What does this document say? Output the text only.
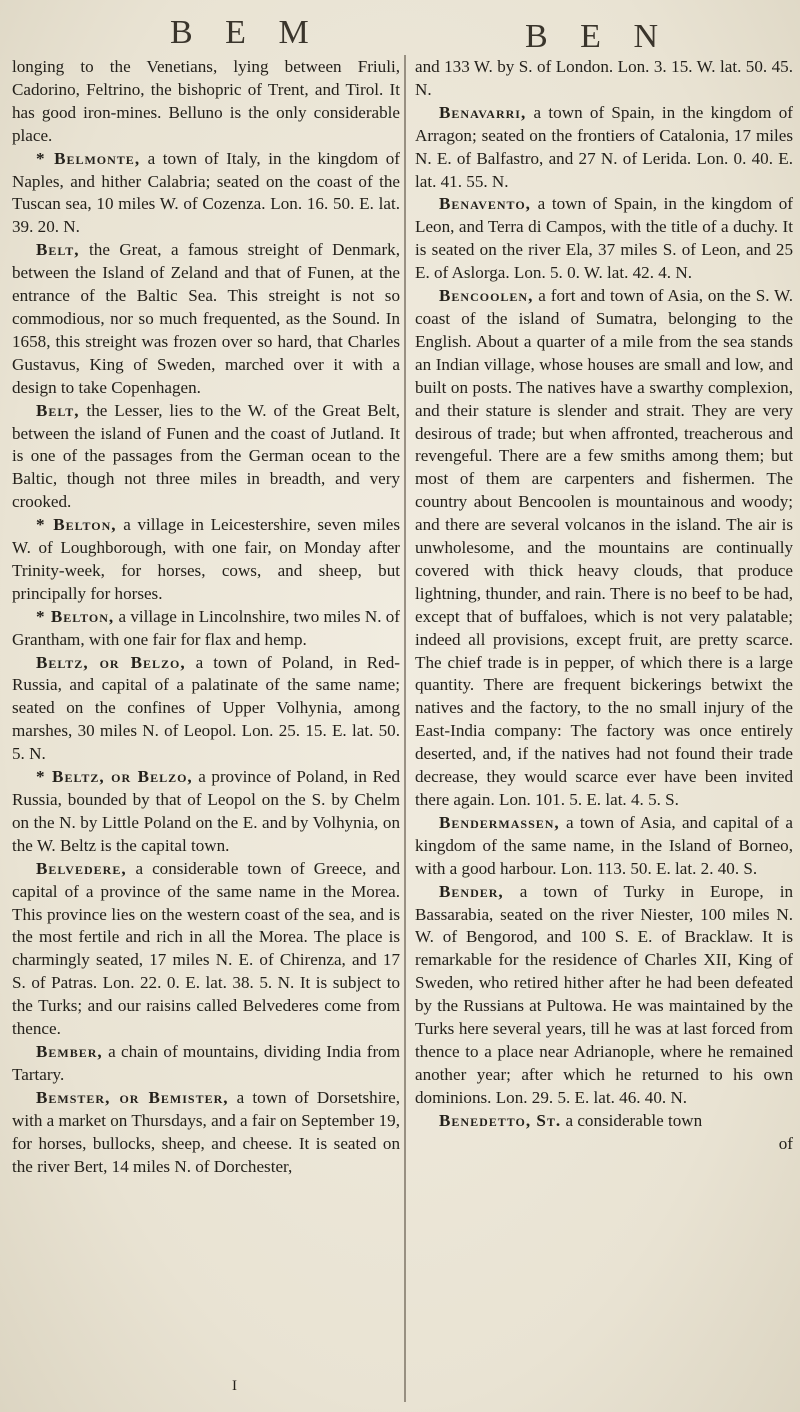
B E M	B E N

longing to the Venetians, lying between Friuli, Cadorino, Feltrino, the bishopric of Trent, and Tirol. It has good iron-mines. Belluno is the only considerable place.

* Belmonte, a town of Italy, in the kingdom of Naples, and hither Calabria; seated on the coast of the Tuscan sea, 10 miles W. of Cozenza. Lon. 16. 50. E. lat. 39. 20. N.

Belt, the Great, a famous streight of Denmark, between the Island of Zeland and that of Funen, at the entrance of the Baltic Sea. This streight is not so commodious, nor so much frequented, as the Sound. In 1658, this streight was frozen over so hard, that Charles Gustavus, King of Sweden, marched over it with a design to take Copenhagen.

Belt, the Lesser, lies to the W. of the Great Belt, between the island of Funen and the coast of Jutland. It is one of the passages from the German ocean to the Baltic, though not three miles in breadth, and very crooked.

* Belton, a village in Leicestershire, seven miles W. of Loughborough, with one fair, on Monday after Trinity-week, for horses, cows, and sheep, but principally for horses.

* Belton, a village in Lincolnshire, two miles N. of Grantham, with one fair for flax and hemp.

Beltz, or Belzo, a town of Poland, in Red-Russia, and capital of a palatinate of the same name; seated on the confines of Upper Volhynia, among marshes, 30 miles N. of Leopol. Lon. 25. 15. E. lat. 50. 5. N.

* Beltz, or Belzo, a province of Poland, in Red Russia, bounded by that of Leopol on the S. by Chelm on the N. by Little Poland on the E. and by Volhynia, on the W. Beltz is the capital town.

Belvedere, a considerable town of Greece, and capital of a province of the same name in the Morea. This province lies on the western coast of the sea, and is the most fertile and rich in all the Morea. The place is charmingly seated, 17 miles N. E. of Chirenza, and 17 S. of Patras. Lon. 22. 0. E. lat. 38. 5. N. It is subject to the Turks; and our raisins called Belvederes come from thence.

Bember, a chain of mountains, dividing India from Tartary.

Bemster, or Bemister, a town of Dorsetshire, with a market on Thursdays, and a fair on September 19, for horses, bullocks, sheep, and cheese. It is seated on the river Bert, 14 miles N. of Dorchester,

and 133 W. by S. of London. Lon. 3. 15. W. lat. 50. 45. N.

Benavarri, a town of Spain, in the kingdom of Arragon; seated on the frontiers of Catalonia, 17 miles N. E. of Balfastro, and 27 N. of Lerida. Lon. 0. 40. E. lat. 41. 55. N.

Benavento, a town of Spain, in the kingdom of Leon, and Terra di Campos, with the title of a duchy. It is seated on the river Ela, 37 miles S. of Leon, and 25 E. of Aslorga. Lon. 5. 0. W. lat. 42. 4. N.

Bencoolen, a fort and town of Asia, on the S. W. coast of the island of Sumatra, belonging to the English. About a quarter of a mile from the sea stands an Indian village, whose houses are small and low, and built on posts. The natives have a swarthy complexion, and their stature is slender and strait. They are very desirous of trade; but when affronted, treacherous and revengeful. There are a few smiths among them; but most of them are carpenters and fishermen. The country about Bencoolen is mountainous and woody; and there are several volcanos in the island. The air is unwholesome, and the mountains are continually covered with thick heavy clouds, that produce lightning, thunder, and rain. There is no beef to be had, except that of buffaloes, which is not very palatable; indeed all provisions, except fruit, are pretty scarce. The chief trade is in pepper, of which there is a large quantity. There are frequent bickerings betwixt the natives and the factory, to the no small injury of the East-India company: The factory was once entirely deserted, and, if the natives had not found their trade decrease, they would scarce ever have been invited there again. Lon. 101. 5. E. lat. 4. 5. S.

Bendermassen, a town of Asia, and capital of a kingdom of the same name, in the Island of Borneo, with a good harbour. Lon. 113. 50. E. lat. 2. 40. S.

Bender, a town of Turky in Europe, in Bassarabia, seated on the river Niester, 100 miles N. W. of Bengorod, and 100 S. E. of Bracklaw. It is remarkable for the residence of Charles XII, King of Sweden, who retired hither after he had been defeated by the Russians at Pultowa. He was maintained by the Turks here several years, till he was at last forced from thence to a place near Adrianople, where he remained another year; after which he returned to his own dominions. Lon. 29. 5. E. lat. 46. 40. N.

Benedetto, St. a considerable town

of

I
